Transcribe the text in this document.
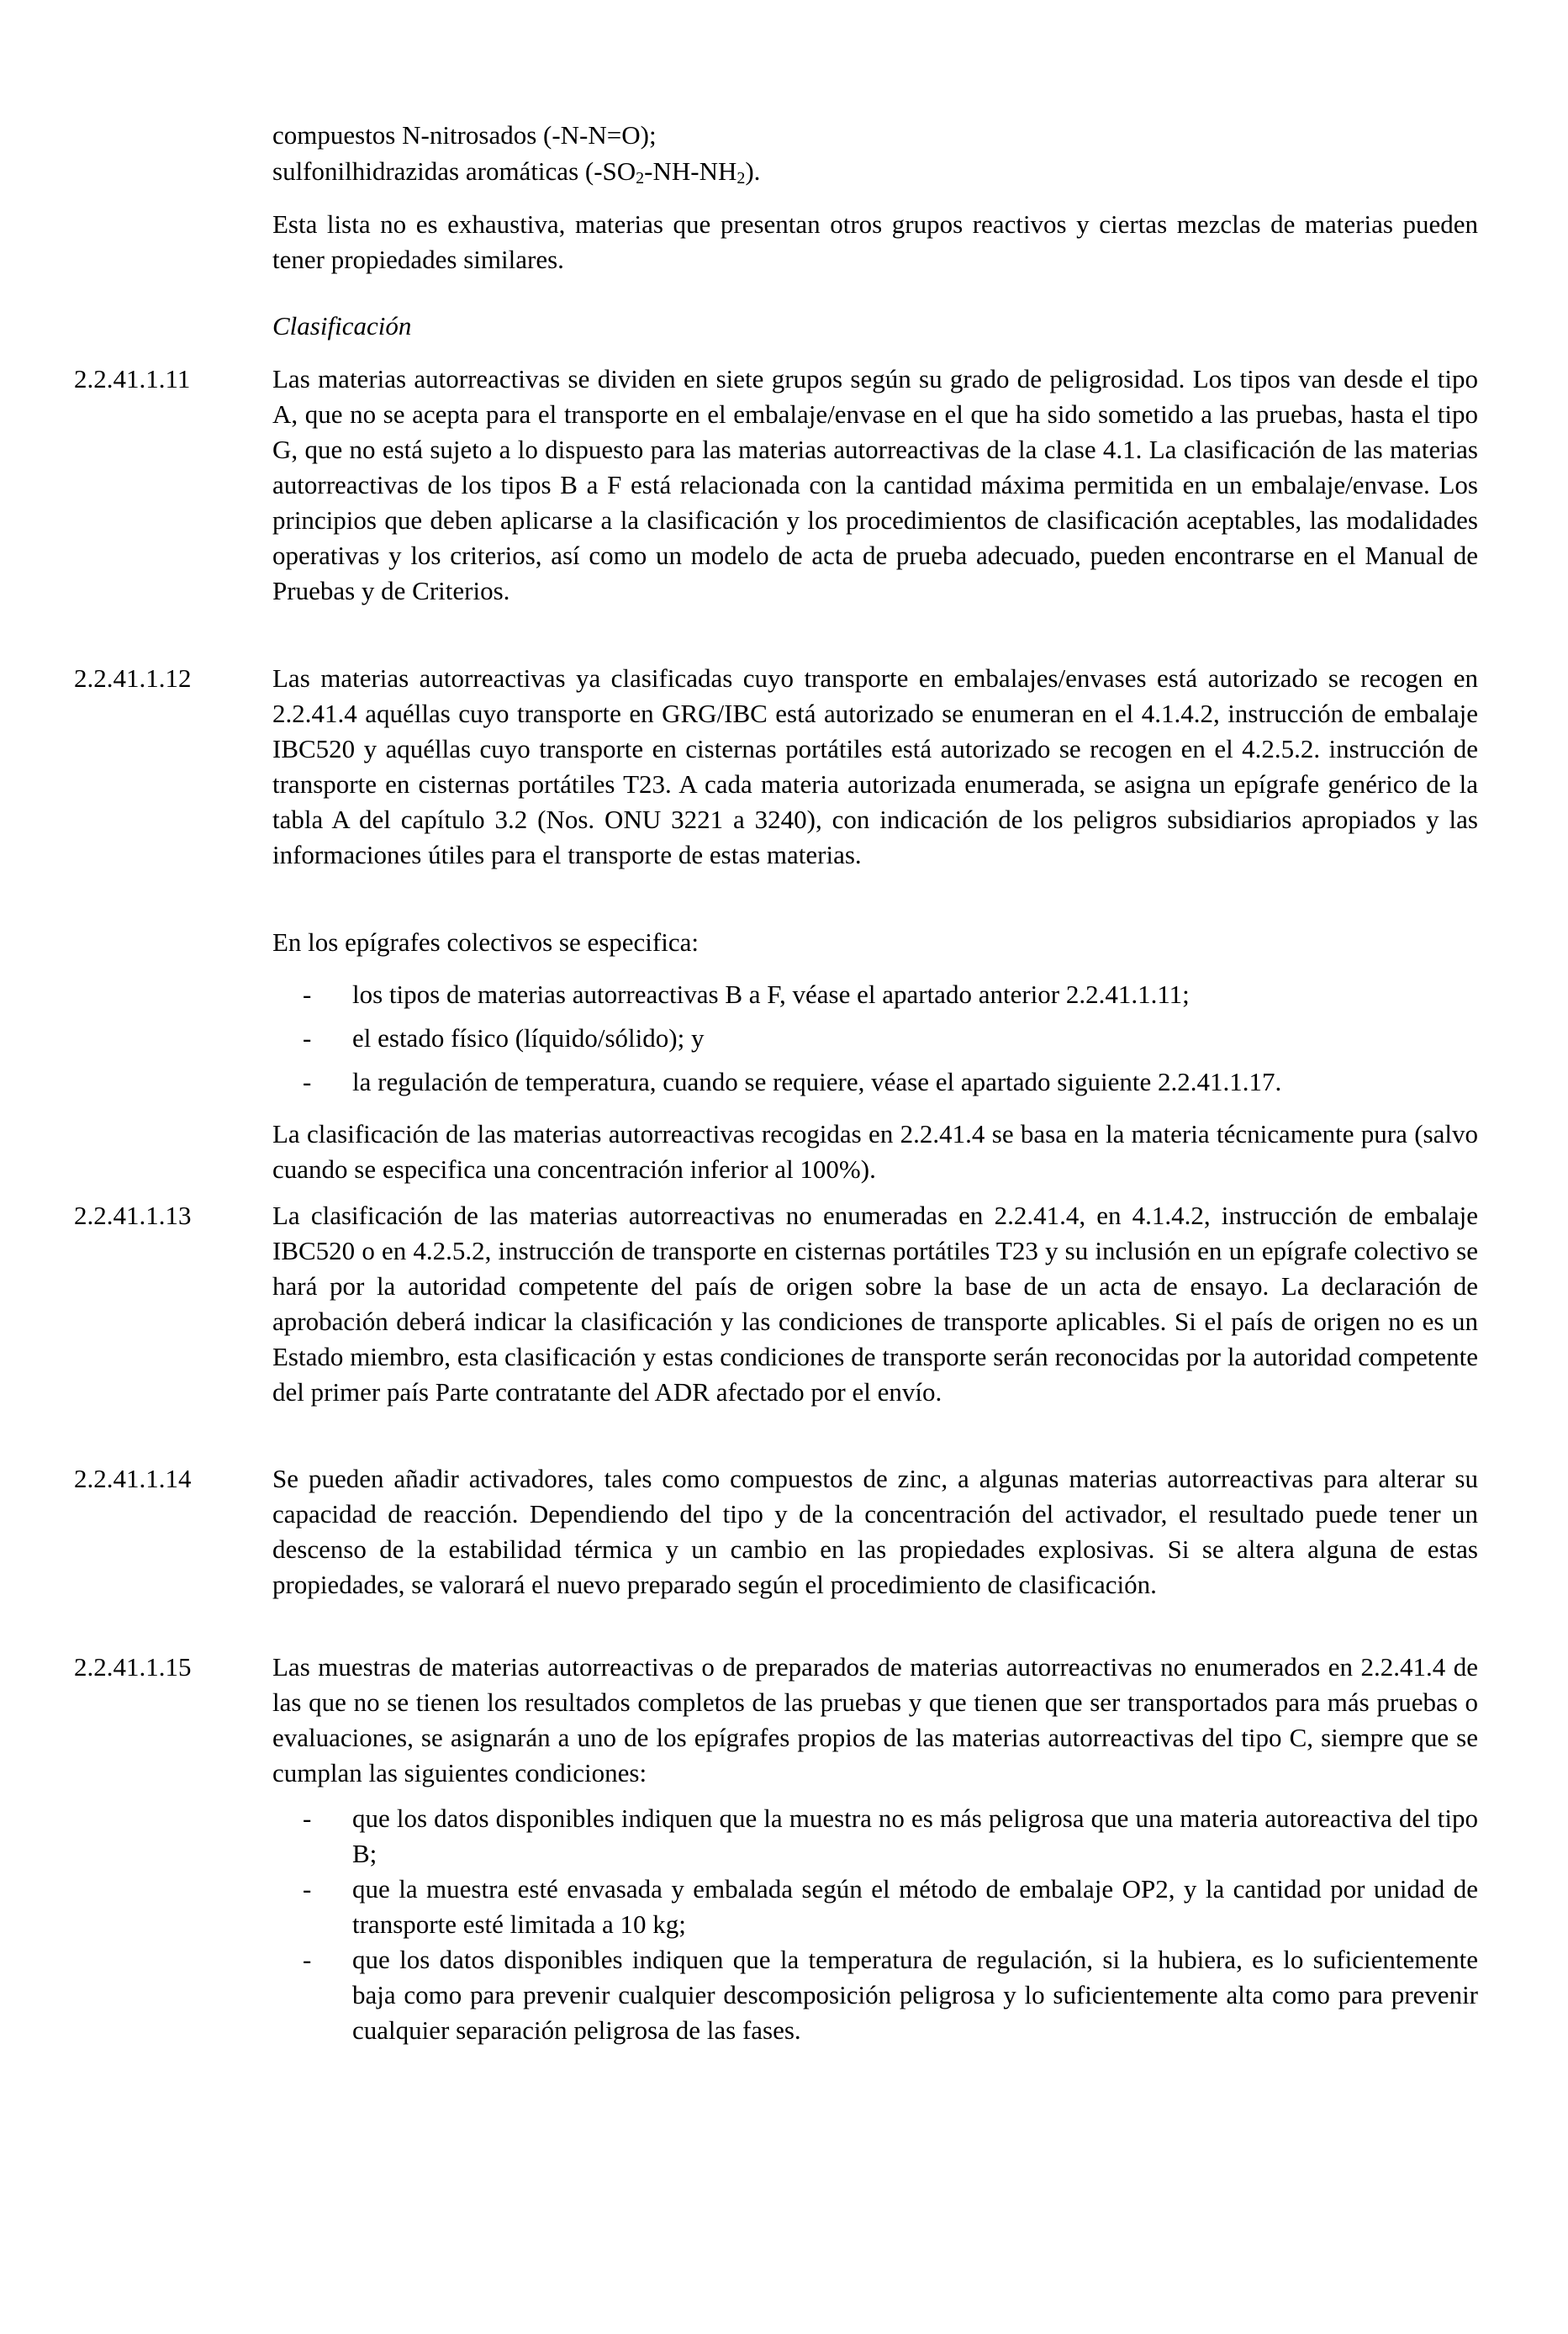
compuestos N-nitrosados (-N-N=O);
sulfonilhidrazidas aromáticas $(-SO_2-NH-NH_2)$.
Esta lista no es exhaustiva, materias que presentan otros grupos reactivos y ciertas mezclas de materias pueden tener propiedades similares.
Clasificación
2.2.41.1.11	Las materias autorreactivas se dividen en siete grupos según su grado de peligrosidad. Los tipos van desde el tipo A, que no se acepta para el transporte en el embalaje/envase en el que ha sido sometido a las pruebas, hasta el tipo G, que no está sujeto a lo dispuesto para las materias autorreactivas de la clase 4.1. La clasificación de las materias autorreactivas de los tipos B a F está relacionada con la cantidad máxima permitida en un embalaje/envase. Los principios que deben aplicarse a la clasificación y los procedimientos de clasificación aceptables, las modalidades operativas y los criterios, así como un modelo de acta de prueba adecuado, pueden encontrarse en el Manual de Pruebas y de Criterios.
2.2.41.1.12	Las materias autorreactivas ya clasificadas cuyo transporte en embalajes/envases está autorizado se recogen en 2.2.41.4 aquéllas cuyo transporte en GRG/IBC está autorizado se enumeran en el 4.1.4.2, instrucción de embalaje IBC520 y aquéllas cuyo transporte en cisternas portátiles está autorizado se recogen en el 4.2.5.2. instrucción de transporte en cisternas portátiles T23. A cada materia autorizada enumerada, se asigna un epígrafe genérico de la tabla A del capítulo 3.2 (Nos. ONU 3221 a 3240), con indicación de los peligros subsidiarios apropiados y las informaciones útiles para el transporte de estas materias.
En los epígrafes colectivos se especifica:
- los tipos de materias autorreactivas B a F, véase el apartado anterior 2.2.41.1.11;
- el estado físico (líquido/sólido); y
- la regulación de temperatura, cuando se requiere, véase el apartado siguiente 2.2.41.1.17.
La clasificación de las materias autorreactivas recogidas en 2.2.41.4 se basa en la materia técnicamente pura (salvo cuando se especifica una concentración inferior al 100%).
2.2.41.1.13	La clasificación de las materias autorreactivas no enumeradas en 2.2.41.4, en 4.1.4.2, instrucción de embalaje IBC520 o en 4.2.5.2, instrucción de transporte en cisternas portátiles T23 y su inclusión en un epígrafe colectivo se hará por la autoridad competente del país de origen sobre la base de un acta de ensayo. La declaración de aprobación deberá indicar la clasificación y las condiciones de transporte aplicables. Si el país de origen no es un Estado miembro, esta clasificación y estas condiciones de transporte serán reconocidas por la autoridad competente del primer país Parte contratante del ADR afectado por el envío.
2.2.41.1.14	Se pueden añadir activadores, tales como compuestos de zinc, a algunas materias autorreactivas para alterar su capacidad de reacción. Dependiendo del tipo y de la concentración del activador, el resultado puede tener un descenso de la estabilidad térmica y un cambio en las propiedades explosivas. Si se altera alguna de estas propiedades, se valorará el nuevo preparado según el procedimiento de clasificación.
2.2.41.1.15	Las muestras de materias autorreactivas o de preparados de materias autorreactivas no enumerados en 2.2.41.4 de las que no se tienen los resultados completos de las pruebas y que tienen que ser transportados para más pruebas o evaluaciones, se asignarán a uno de los epígrafes propios de las materias autorreactivas del tipo C, siempre que se cumplan las siguientes condiciones:
- que los datos disponibles indiquen que la muestra no es más peligrosa que una materia autoreactiva del tipo B;
- que la muestra esté envasada y embalada según el método de embalaje OP2, y la cantidad por unidad de transporte esté limitada a 10 kg;
- que los datos disponibles indiquen que la temperatura de regulación, si la hubiera, es lo suficientemente baja como para prevenir cualquier descomposición peligrosa y lo suficientemente alta como para prevenir cualquier separación peligrosa de las fases.
